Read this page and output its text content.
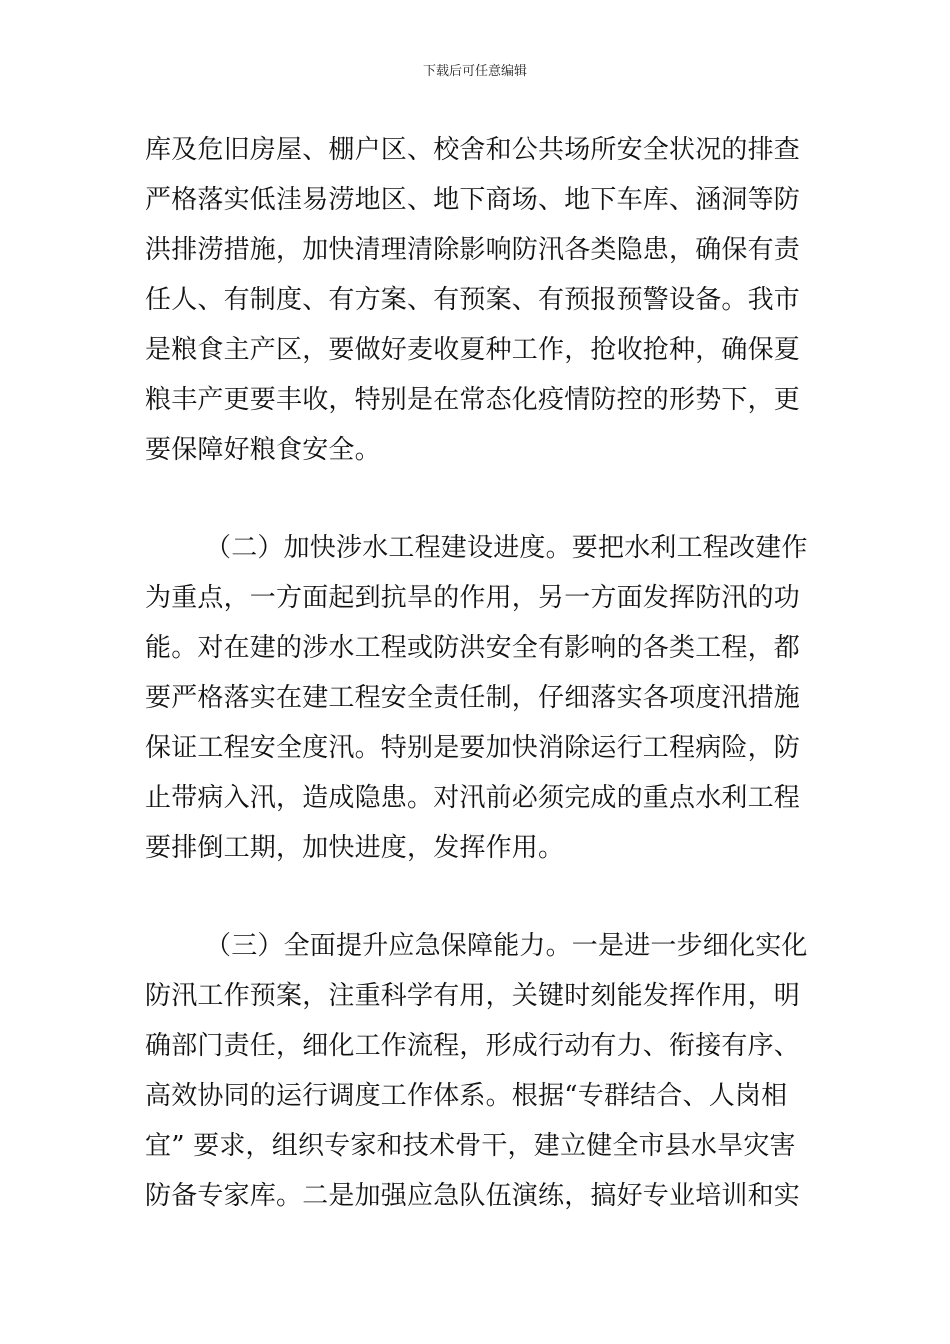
下载后可任意编辑
库及危旧房屋、棚户区、校舍和公共场所安全状况的排查
严格落实低洼易涝地区、地下商场、地下车库、涵洞等防
洪排涝措施，加快清理清除影响防汛各类隐患，确保有责
任人、有制度、有方案、有预案、有预报预警设备。我市
是粮食主产区，要做好麦收夏种工作，抢收抢种，确保夏
粮丰产更要丰收，特别是在常态化疫情防控的形势下，更
要保障好粮食安全。
（二）加快涉水工程建设进度。要把水利工程改建作
为重点，一方面起到抗旱的作用，另一方面发挥防汛的功
能。对在建的涉水工程或防洪安全有影响的各类工程，都
要严格落实在建工程安全责任制，仔细落实各项度汛措施
保证工程安全度汛。特别是要加快消除运行工程病险，防
止带病入汛，造成隐患。对汛前必须完成的重点水利工程
要排倒工期，加快进度，发挥作用。
（三）全面提升应急保障能力。一是进一步细化实化
防汛工作预案，注重科学有用，关键时刻能发挥作用，明
确部门责任，细化工作流程，形成行动有力、衔接有序、
高效协同的运行调度工作体系。根据“专群结合、人岗相
宜” 要求，组织专家和技术骨干，建立健全市县水旱灾害
防备专家库。二是加强应急队伍演练，搞好专业培训和实
